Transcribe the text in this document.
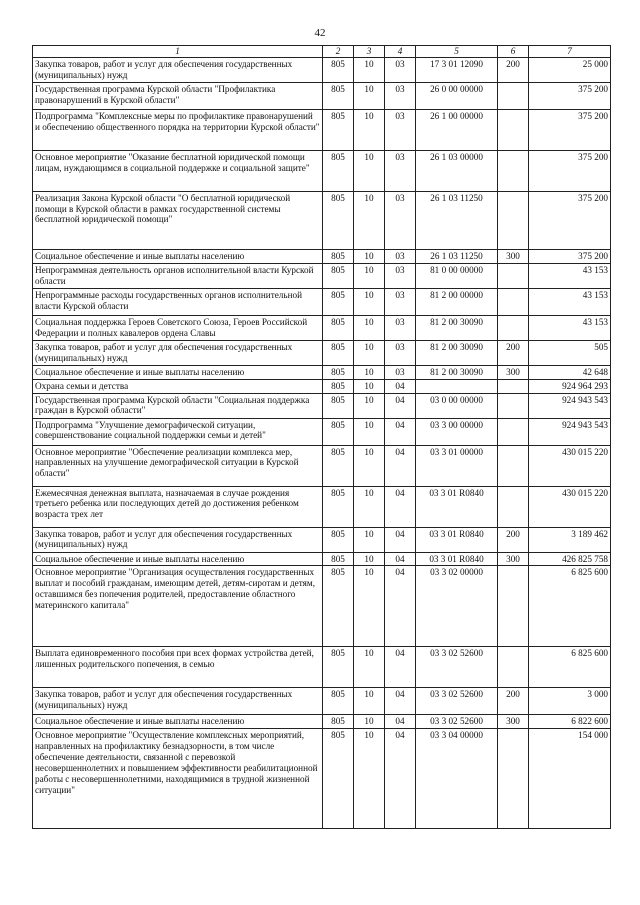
42
1	2	3	4	5	6	7
Закупка товаров, работ и услуг для обеспечения государственных (муниципальных) нужд	805	10	03	17 3 01 12090	200	25 000
Государственная программа Курской области "Профилактика правонарушений в Курской области"	805	10	03	26 0 00 00000		375 200
Подпрограмма "Комплексные меры по профилактике правонарушений и обеспечению общественного порядка на территории Курской области"	805	10	03	26 1 00 00000		375 200
Основное мероприятие "Оказание бесплатной юридической помощи лицам, нуждающимся в социальной поддержке и социальной защите"	805	10	03	26 1 03 00000		375 200
Реализация Закона Курской области "О бесплатной юридической помощи в Курской области в рамках государственной системы бесплатной юридической помощи"	805	10	03	26 1 03 11250		375 200
Социальное обеспечение и иные выплаты населению	805	10	03	26 1 03 11250	300	375 200
Непрограммная деятельность органов исполнительной власти Курской области	805	10	03	81 0 00 00000		43 153
Непрограммные расходы государственных органов исполнительной власти Курской области	805	10	03	81 2 00 00000		43 153
Социальная поддержка Героев Советского Союза, Героев Российской Федерации и полных кавалеров ордена Славы	805	10	03	81 2 00 30090		43 153
Закупка товаров, работ и услуг для обеспечения государственных (муниципальных) нужд	805	10	03	81 2 00 30090	200	505
Социальное обеспечение и иные выплаты населению	805	10	03	81 2 00 30090	300	42 648
Охрана семьи и детства	805	10	04			924 964 293
Государственная программа Курской области "Социальная поддержка граждан в Курской области"	805	10	04	03 0 00 00000		924 943 543
Подпрограмма "Улучшение демографической ситуации, совершенствование социальной поддержки семьи и детей"	805	10	04	03 3 00 00000		924 943 543
Основное мероприятие "Обеспечение реализации комплекса мер, направленных на улучшение демографической ситуации в Курской области"	805	10	04	03 3 01 00000		430 015 220
Ежемесячная денежная выплата, назначаемая в случае рождения третьего ребенка или последующих детей до достижения ребенком возраста трех лет	805	10	04	03 3 01 R0840		430 015 220
Закупка товаров, работ и услуг для обеспечения государственных (муниципальных) нужд	805	10	04	03 3 01 R0840	200	3 189 462
Социальное обеспечение и иные выплаты населению	805	10	04	03 3 01 R0840	300	426 825 758
Основное мероприятие "Организация осуществления государственных выплат и пособий гражданам, имеющим детей, детям-сиротам и детям, оставшимся без попечения родителей, предоставление областного материнского капитала"	805	10	04	03 3 02 00000		6 825 600
Выплата единовременного пособия при всех формах устройства детей, лишенных родительского попечения, в семью	805	10	04	03 3 02 52600		6 825 600
Закупка товаров, работ и услуг для обеспечения государственных (муниципальных) нужд	805	10	04	03 3 02 52600	200	3 000
Социальное обеспечение и иные выплаты населению	805	10	04	03 3 02 52600	300	6 822 600
Основное мероприятие "Осуществление комплексных мероприятий, направленных на профилактику безнадзорности, в том числе обеспечение деятельности, связанной с перевозкой несовершеннолетних и повышением эффективности реабилитационной работы с несовершеннолетними, находящимися в трудной жизненной ситуации"	805	10	04	03 3 04 00000		154 000
